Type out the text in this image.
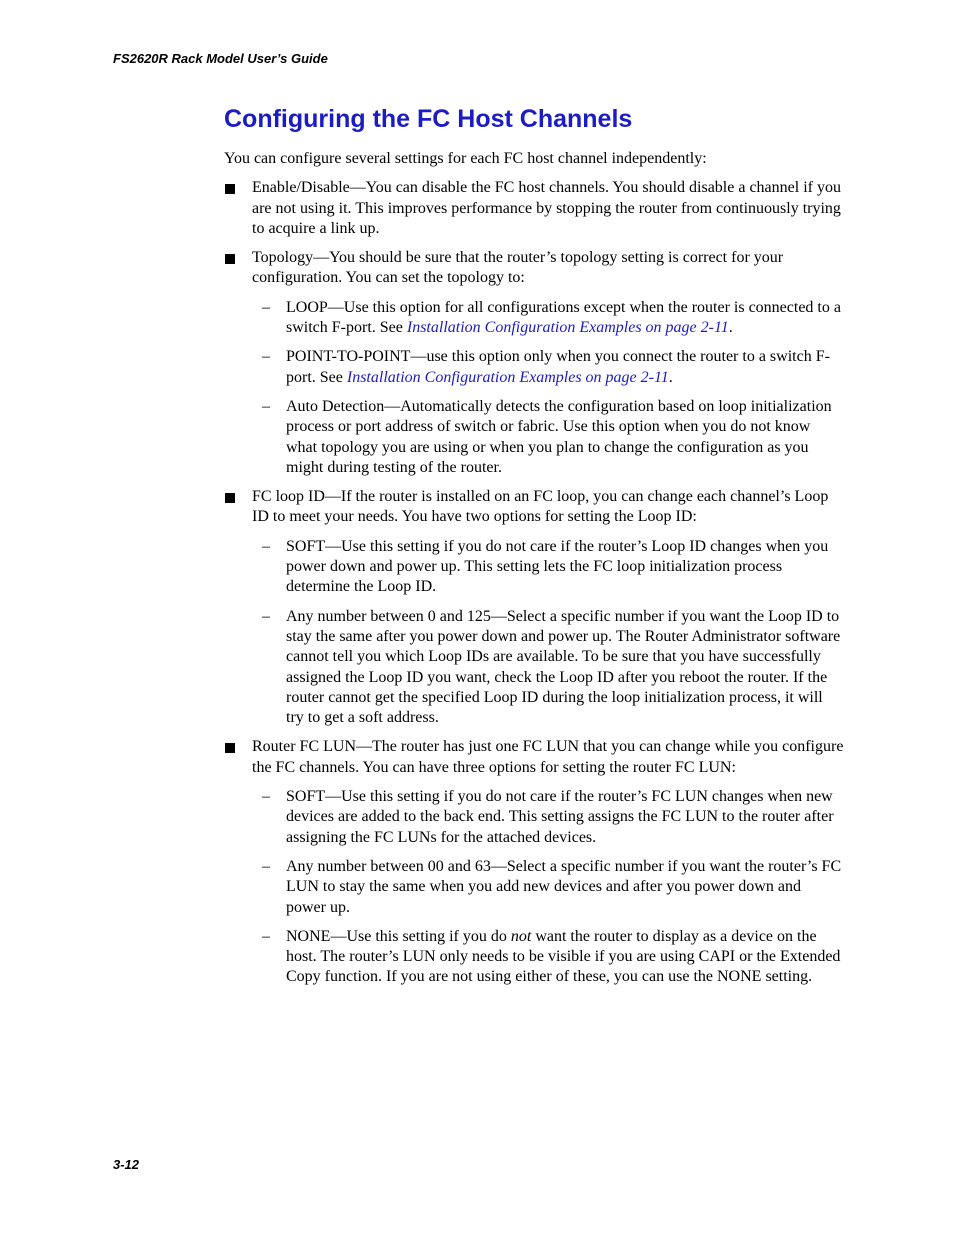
FS2620R Rack Model User’s Guide
Configuring the FC Host Channels

You can configure several settings for each FC host channel independently:

Enable/Disable—You can disable the FC host channels. You should disable a channel if you are not using it. This improves performance by stopping the router from continuously trying to acquire a link up.
Topology—You should be sure that the router’s topology setting is correct for your configuration. You can set the topology to:
– LOOP—Use this option for all configurations except when the router is connected to a switch F-port. See Installation Configuration Examples on page 2-11.
– POINT-TO-POINT—use this option only when you connect the router to a switch F-port. See Installation Configuration Examples on page 2-11.
– Auto Detection—Automatically detects the configuration based on loop initialization process or port address of switch or fabric. Use this option when you do not know what topology you are using or when you plan to change the configuration as you might during testing of the router.
FC loop ID—If the router is installed on an FC loop, you can change each channel’s Loop ID to meet your needs. You have two options for setting the Loop ID:
– SOFT—Use this setting if you do not care if the router’s Loop ID changes when you power down and power up. This setting lets the FC loop initialization process determine the Loop ID.
– Any number between 0 and 125—Select a specific number if you want the Loop ID to stay the same after you power down and power up. The Router Administrator software cannot tell you which Loop IDs are available. To be sure that you have successfully assigned the Loop ID you want, check the Loop ID after you reboot the router. If the router cannot get the specified Loop ID during the loop initialization process, it will try to get a soft address.
Router FC LUN—The router has just one FC LUN that you can change while you configure the FC channels. You can have three options for setting the router FC LUN:
– SOFT—Use this setting if you do not care if the router’s FC LUN changes when new devices are added to the back end. This setting assigns the FC LUN to the router after assigning the FC LUNs for the attached devices.
– Any number between 00 and 63—Select a specific number if you want the router’s FC LUN to stay the same when you add new devices and after you power down and power up.
– NONE—Use this setting if you do not want the router to display as a device on the host. The router’s LUN only needs to be visible if you are using CAPI or the Extended Copy function. If you are not using either of these, you can use the NONE setting.
3-12
